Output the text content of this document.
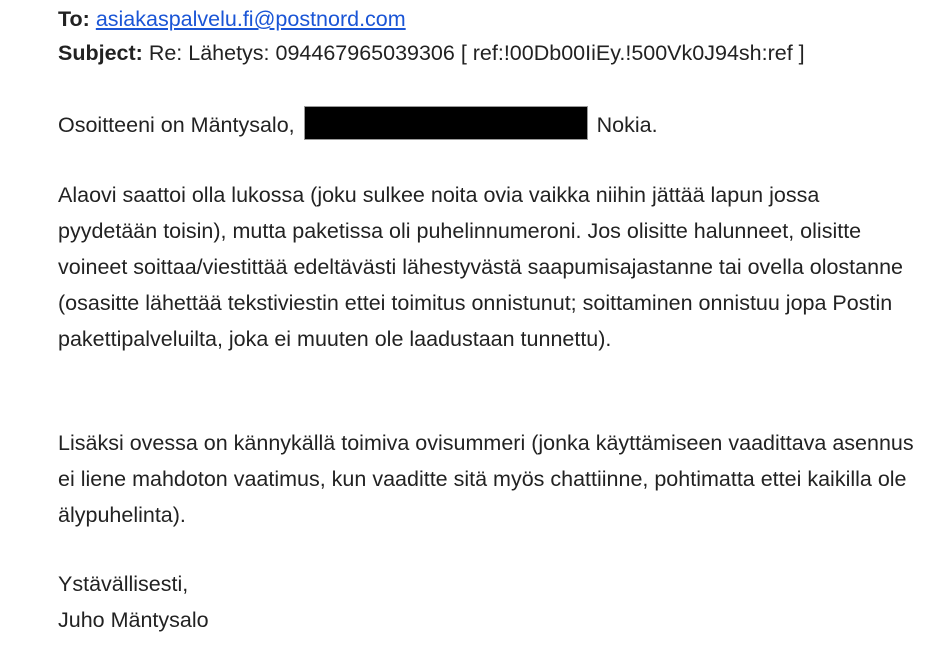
To: asiakaspalvelu.fi@postnord.com
Subject: Re: Lähetys: 094467965039306 [ ref:!00Db00IiEy.!500Vk0J94sh:ref ]

Osoitteeni on Mäntysalo,	Nokia.

Alaovi saattoi olla lukossa (joku sulkee noita ovia vaikka niihin jättää lapun jossa pyydetään toisin), mutta paketissa oli puhelinnumeroni. Jos olisitte halunneet, olisitte voineet soittaa/viestittää edeltävästi lähestyvästä saapumisajastanne tai ovella olostanne (osasitte lähettää tekstiviestin ettei toimitus onnistunut; soittaminen onnistuu jopa Postin pakettipalveluilta, joka ei muuten ole laadustaan tunnettu).

Lisäksi ovessa on kännykällä toimiva ovisummeri (jonka käyttämiseen vaadittava asennus ei liene mahdoton vaatimus, kun vaaditte sitä myös chattiinne, pohtimatta ettei kaikilla ole älypuhelinta).

Ystävällisesti,

Juho Mäntysalo
